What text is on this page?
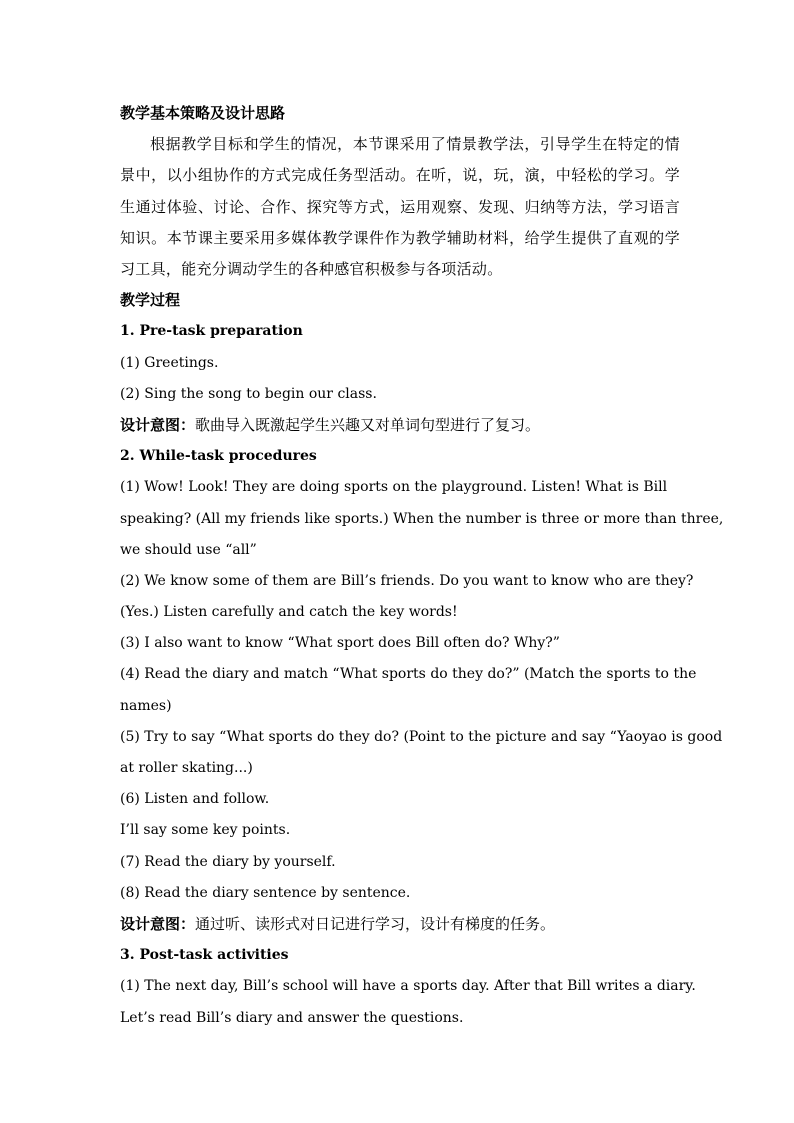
教学基本策略及设计思路

根据教学目标和学生的情况，本节课采用了情景教学法，引导学生在特定的情景中，以小组协作的方式完成任务型活动。在听，说，玩，演，中轻松的学习。学生通过体验、讨论、合作、探究等方式，运用观察、发现、归纳等方法，学习语言知识。本节课主要采用多媒体教学课件作为教学辅助材料，给学生提供了直观的学习工具，能充分调动学生的各种感官积极参与各项活动。

教学过程
1. Pre-task preparation
(1) Greetings.
(2) Sing the song to begin our class.
设计意图：歌曲导入既激起学生兴趣又对单词句型进行了复习。
2. While-task procedures
(1) Wow! Look! They are doing sports on the playground. Listen! What is Bill
speaking? (All my friends like sports.) When the number is three or more than three,
we should use “all”
(2) We know some of them are Bill’s friends. Do you want to know who are they?
(Yes.) Listen carefully and catch the key words!
(3) I also want to know “What sport does Bill often do? Why?”
(4) Read the diary and match “What sports do they do?” (Match the sports to the
names)
(5) Try to say “What sports do they do? (Point to the picture and say “Yaoyao is good
at roller skating...)
(6) Listen and follow.
I’ll say some key points.
(7) Read the diary by yourself.
(8) Read the diary sentence by sentence.
设计意图：通过听、读形式对日记进行学习，设计有梯度的任务。
3. Post-task activities
(1) The next day, Bill’s school will have a sports day. After that Bill writes a diary.
Let’s read Bill’s diary and answer the questions.
